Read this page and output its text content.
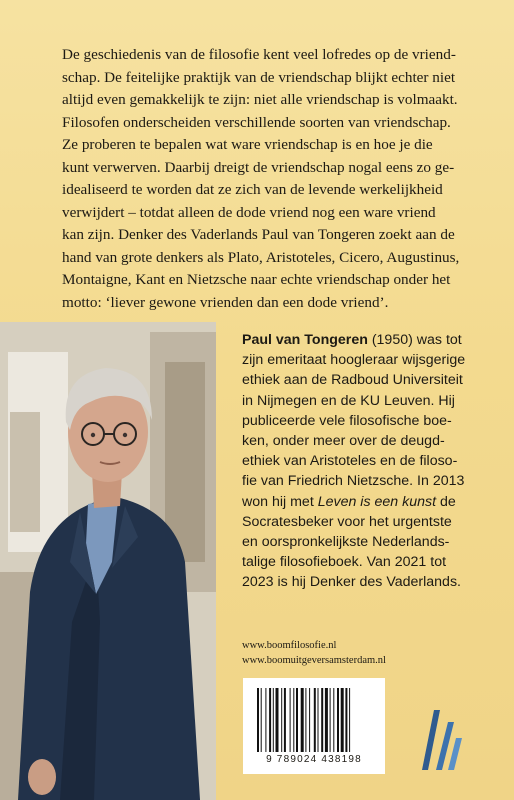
De geschiedenis van de filosofie kent veel lofredes op de vriend-
schap. De feitelijke praktijk van de vriendschap blijkt echter niet
altijd even gemakkelijk te zijn: niet alle vriendschap is volmaakt.
Filosofen onderscheiden verschillende soorten van vriendschap.
Ze proberen te bepalen wat ware vriendschap is en hoe je die
kunt verwerven. Daarbij dreigt de vriendschap nogal eens zo ge-
idealiseerd te worden dat ze zich van de levende werkelijkheid
verwijdert – totdat alleen de dode vriend nog een ware vriend
kan zijn. Denker des Vaderlands Paul van Tongeren zoekt aan de
hand van grote denkers als Plato, Aristoteles, Cicero, Augustinus,
Montaigne, Kant en Nietzsche naar echte vriendschap onder het
motto: ‘liever gewone vrienden dan een dode vriend’.
Paul van Tongeren (1950) was tot
zijn emeritaat hoogleraar wijsgerige
ethiek aan de Radboud Universiteit
in Nijmegen en de KU Leuven. Hij
publiceerde vele filosofische boe-
ken, onder meer over de deugd-
ethiek van Aristoteles en de filoso-
fie van Friedrich Nietzsche. In 2013
won hij met Leven is een kunst de
Socratesbeker voor het urgentste
en oorspronkelijkste Nederlands-
talige filosofieboek. Van 2021 tot
2023 is hij Denker des Vaderlands.
www.boomfilosofie.nl
www.boomuitgeversamsterdam.nl
9 789024 438198
